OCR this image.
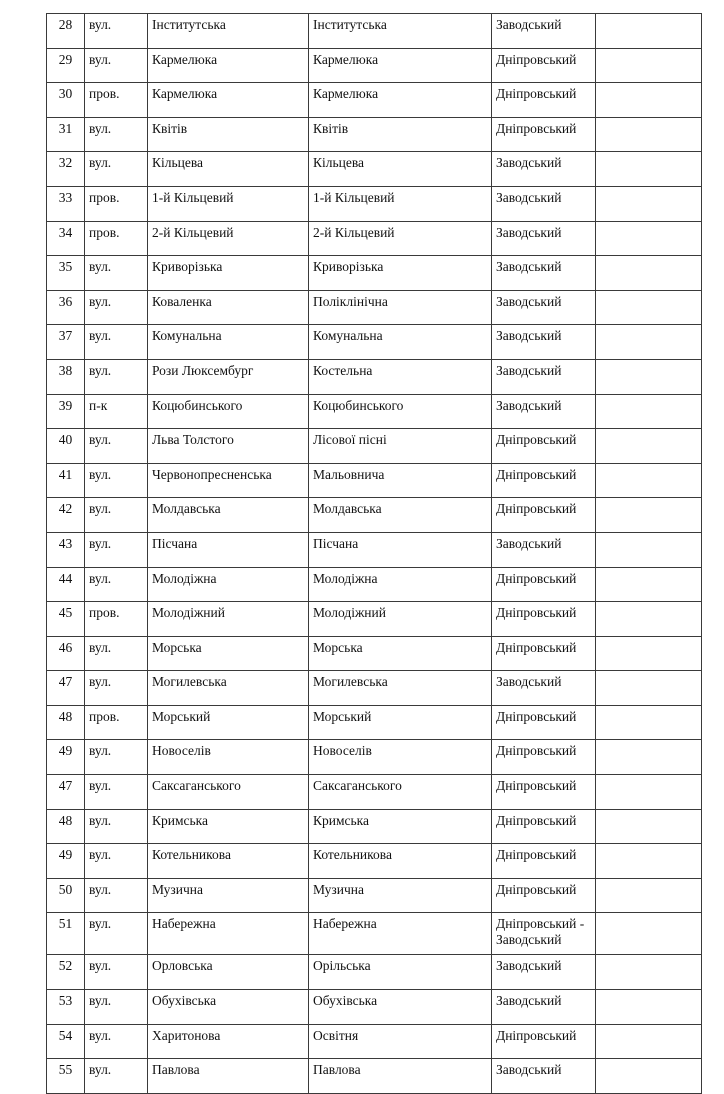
28	вул.	Інститутська	Інститутська	Заводський	
29	вул.	Кармелюка	Кармелюка	Дніпровський	
30	пров.	Кармелюка	Кармелюка	Дніпровський	
31	вул.	Квітів	Квітів	Дніпровський	
32	вул.	Кільцева	Кільцева	Заводський	
33	пров.	1-й Кільцевий	1-й Кільцевий	Заводський	
34	пров.	2-й Кільцевий	2-й Кільцевий	Заводський	
35	вул.	Криворізька	Криворізька	Заводський	
36	вул.	Коваленка	Поліклінічна	Заводський	
37	вул.	Комунальна	Комунальна	Заводський	
38	вул.	Рози Люксембург	Костельна	Заводський	
39	п-к	Коцюбинського	Коцюбинського	Заводський	
40	вул.	Льва Толстого	Лісової пісні	Дніпровський	
41	вул.	Червонопресненська	Мальовнича	Дніпровський	
42	вул.	Молдавська	Молдавська	Дніпровський	
43	вул.	Пісчана	Пісчана	Заводський	
44	вул.	Молодіжна	Молодіжна	Дніпровський	
45	пров.	Молодіжний	Молодіжний	Дніпровський	
46	вул.	Морська	Морська	Дніпровський	
47	вул.	Могилевська	Могилевська	Заводський	
48	пров.	Морський	Морський	Дніпровський	
49	вул.	Новоселів	Новоселів	Дніпровський	
47	вул.	Саксаганського	Саксаганського	Дніпровський	
48	вул.	Кримська	Кримська	Дніпровський	
49	вул.	Котельникова	Котельникова	Дніпровський	
50	вул.	Музична	Музична	Дніпровський	
51	вул.	Набережна	Набережна	Дніпровський - Заводський	
52	вул.	Орловська	Орільська	Заводський	
53	вул.	Обухівська	Обухівська	Заводський	
54	вул.	Харитонова	Освітня	Дніпровський	
55	вул.	Павлова	Павлова	Заводський	
